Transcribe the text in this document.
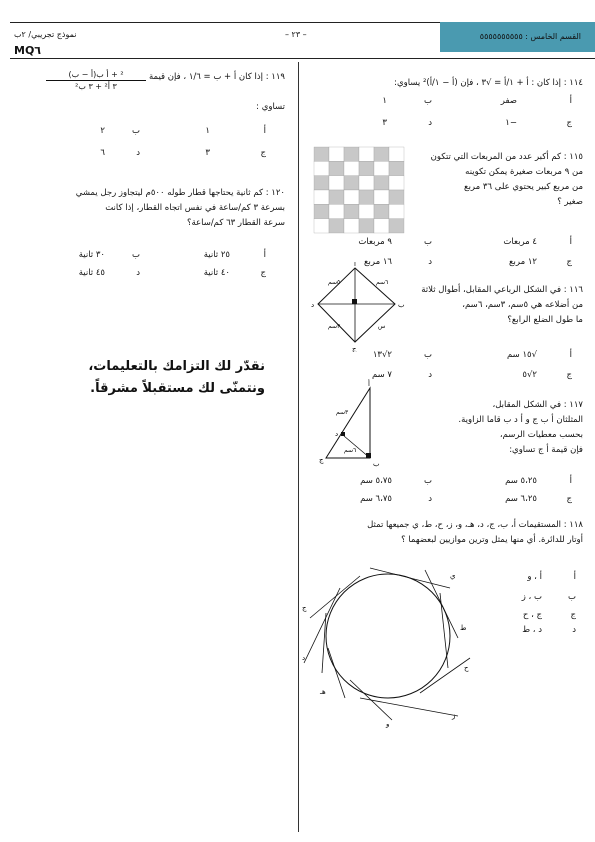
القسم الخامس : ٥٥٥٥٥٥٥٥٥٥
– ٢٣ –
نموذج تجريبي/ ٢ب
MQ٦
١١٤ : إذا كان : أ + ١/أ = √٣ ، فإن (أ − ١/أ)² يساوي:
أ
صفر
ب
١
ج
−١
د
٣
١١٥ : كم أكبر عدد من المربعات التي تتكون
من ٩ مربعات صغيرة يمكن تكوينه
من مربع كبير يحتوي على ٣٦ مربع
صغير ؟
أ
٤ مربعات
ب
٩ مربعات
ج
١٢ مربع
د
١٦ مربع
١١٦ : في الشكل الرباعي المقابل، أطوال ثلاثة
من أضلاعه هي ٥سم، ٣سم، ٦سم،
ما طول الضلع الرابع؟
أ
د	ب
ج
٥سم	٦سم
٣سم	س
أ
√١٥ سم
ب
٢√١٣
ج
٢√٥
د
٧ سم
١١٧ : في الشكل المقابل،
المثلثان أ ب ج و أ د ب قاما الزاوية.
بحسب معطيات الرسم،
فإن قيمة أ ج تساوي:
أ
ب
ج
د
٣سم
٦سم
أ
٥،٢٥ سم
ب
٥،٧٥ سم
ج
٦،٢٥ سم
د
٦،٧٥ سم
١١٨ : المستقيمات أ، ب، ج، د، هـ، و، ز، ح، ط، ي جميعها تمثل
أوتار للدائرة. أي منها يمثل وترين موازيين لبعضهما ؟
ج
د
هـ
و
ز
ح
ط
ي	أ
أ ، و
ب
ب ، ز
ج
ج ، ح
د
د ، ط
١١٩ : إذا كان أ + ب = ١/٦ ، فإن قيمة
(أ − ب)² + أ ب
٣ أ² + ٣ ب²
تساوي :
أ
١
ب
٢
ج
٣
د
٦
١٢٠ : كم ثانية يحتاجها قطار طوله ٥٠٠م ليتجاوز رجل يمشي
بسرعة ٣ كم/ساعة في نفس اتجاه القطار، إذا كانت
سرعة القطار ٦٣ كم/ساعة؟
أ
٢٥ ثانية
ب
٣٠ ثانية
ج
٤٠ ثانية
د
٤٥ ثانية
نقدّر لك التزامك بالتعليمات،
ونتمنّى لك مستقبلاً مشرقاً.
